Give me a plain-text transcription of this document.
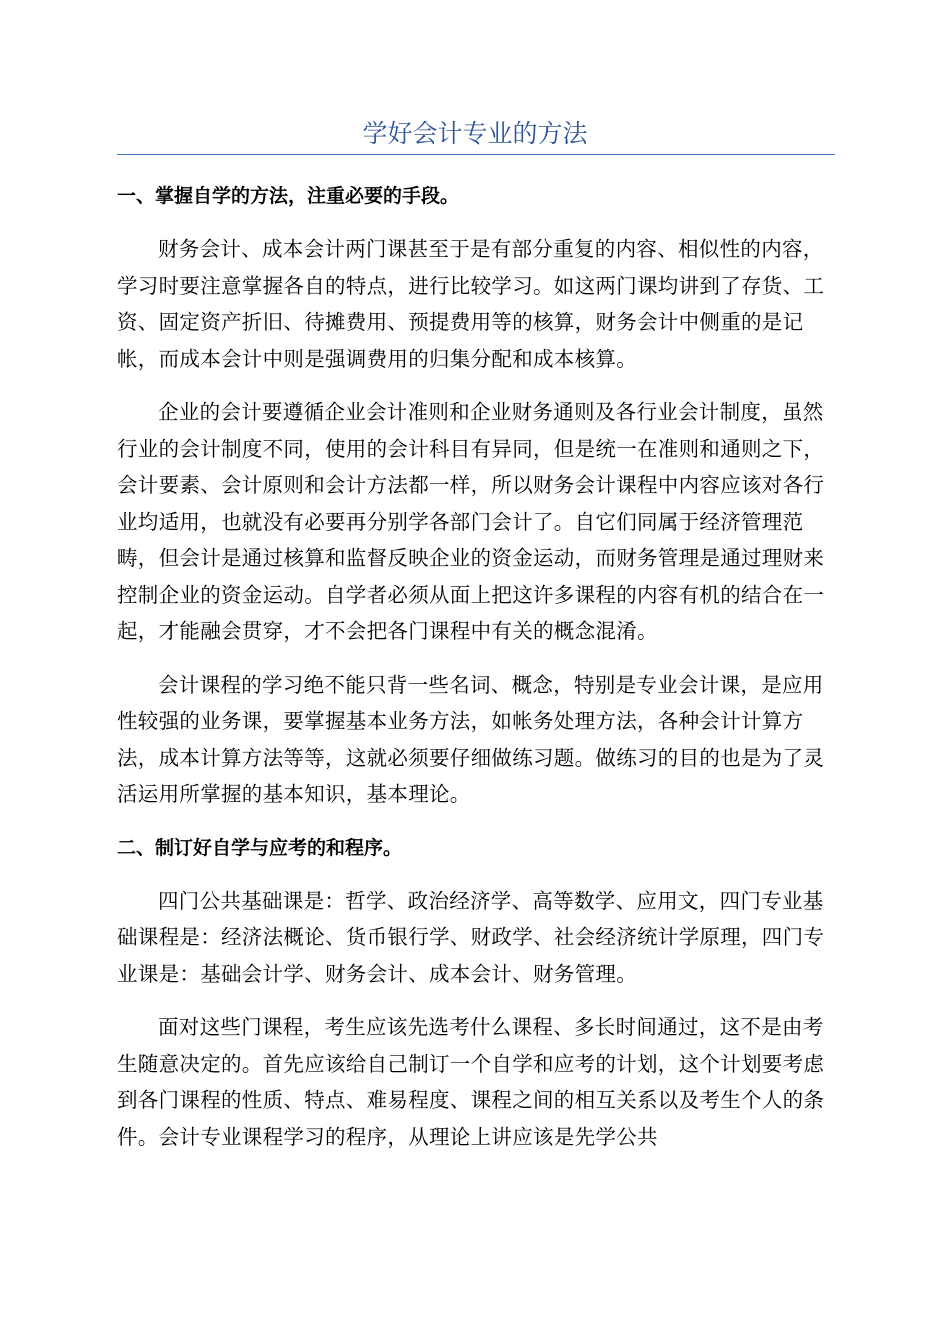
学好会计专业的方法
一、掌握自学的方法，注重必要的手段。

财务会计、成本会计两门课甚至于是有部分重复的内容、相似性的内容，学习时要注意掌握各自的特点，进行比较学习。如这两门课均讲到了存货、工资、固定资产折旧、待摊费用、预提费用等的核算，财务会计中侧重的是记帐，而成本会计中则是强调费用的归集分配和成本核算。

企业的会计要遵循企业会计准则和企业财务通则及各行业会计制度，虽然行业的会计制度不同，使用的会计科目有异同，但是统一在准则和通则之下，会计要素、会计原则和会计方法都一样，所以财务会计课程中内容应该对各行业均适用，也就没有必要再分别学各部门会计了。自它们同属于经济管理范畴，但会计是通过核算和监督反映企业的资金运动，而财务管理是通过理财来控制企业的资金运动。自学者必须从面上把这许多课程的内容有机的结合在一起，才能融会贯穿，才不会把各门课程中有关的概念混淆。

会计课程的学习绝不能只背一些名词、概念，特别是专业会计课，是应用性较强的业务课，要掌握基本业务方法，如帐务处理方法，各种会计计算方法，成本计算方法等等，这就必须要仔细做练习题。做练习的目的也是为了灵活运用所掌握的基本知识，基本理论。

二、制订好自学与应考的和程序。

四门公共基础课是：哲学、政治经济学、高等数学、应用文，四门专业基础课程是：经济法概论、货币银行学、财政学、社会经济统计学原理，四门专业课是：基础会计学、财务会计、成本会计、财务管理。

面对这些门课程，考生应该先选考什么课程、多长时间通过，这不是由考生随意决定的。首先应该给自己制订一个自学和应考的计划，这个计划要考虑到各门课程的性质、特点、难易程度、课程之间的相互关系以及考生个人的条件。会计专业课程学习的程序，从理论上讲应该是先学公共
